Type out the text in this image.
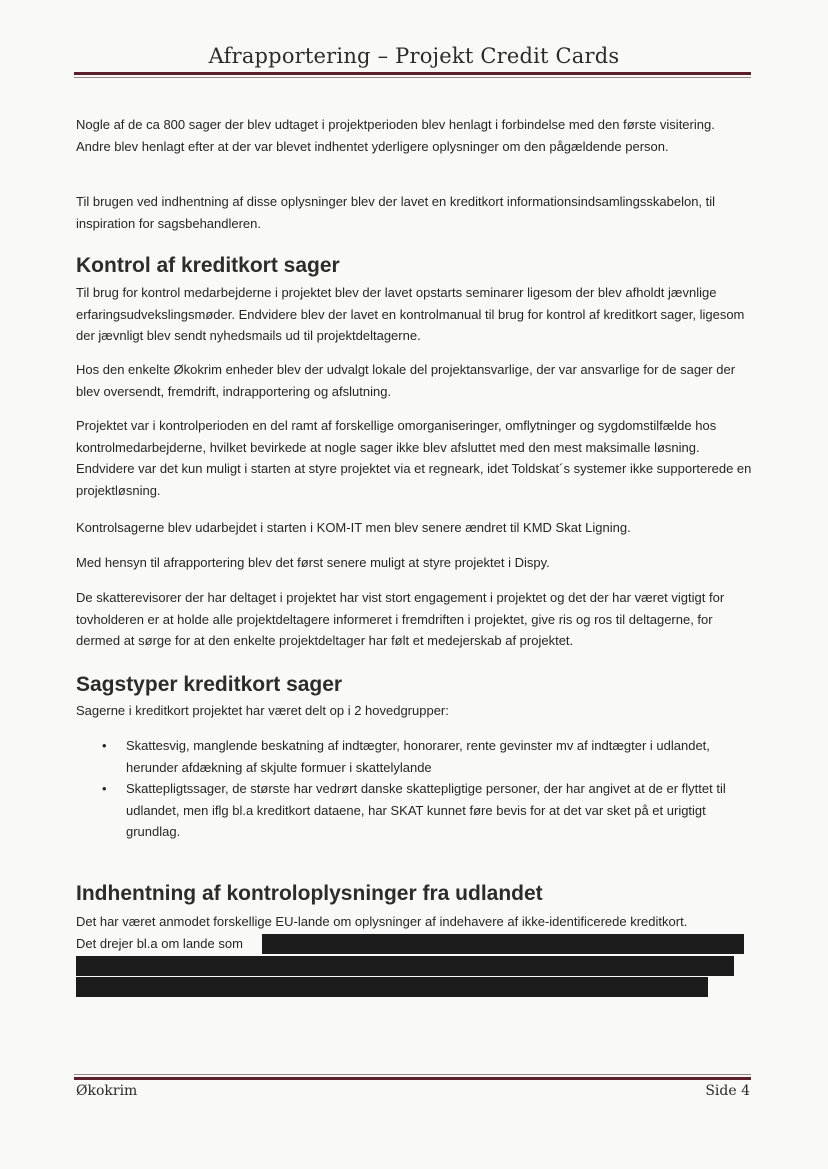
Afrapportering – Projekt Credit Cards

Nogle af de ca 800 sager der blev udtaget i projektperioden blev henlagt i forbindelse med den første visitering. Andre blev henlagt efter at der var blevet indhentet yderligere oplysninger om den pågældende person.

Til brugen ved indhentning af disse oplysninger blev der lavet en kreditkort informationsindsamlingsskabelon, til inspiration for sagsbehandleren.

Kontrol af kreditkort sager

Til brug for kontrol medarbejderne i projektet blev der lavet opstarts seminarer ligesom der blev afholdt jævnlige erfaringsudvekslingsmøder. Endvidere blev der lavet en kontrolmanual til brug for kontrol af kreditkort sager, ligesom der jævnligt blev sendt nyhedsmails ud til projektdeltagerne.

Hos den enkelte Økokrim enheder blev der udvalgt lokale del projektansvarlige, der var ansvarlige for de sager der blev oversendt, fremdrift, indrapportering og afslutning.

Projektet var i kontrolperioden en del ramt af forskellige omorganiseringer, omflytninger og sygdomstilfælde hos kontrolmedarbejderne, hvilket bevirkede at nogle sager ikke blev afsluttet med den mest maksimalle løsning. Endvidere var det kun muligt i starten at styre projektet via et regneark, idet Toldskat´s systemer ikke supporterede en projektløsning.

Kontrolsagerne blev udarbejdet i starten i KOM-IT men blev senere ændret til KMD Skat Ligning.

Med hensyn til afrapportering blev det først senere muligt at styre projektet i Dispy.

De skatterevisorer der har deltaget i projektet har vist stort engagement i projektet og det der har været vigtigt for tovholderen er at holde alle projektdeltagere informeret i fremdriften i projektet, give ris og ros til deltagerne, for dermed at sørge for at den enkelte projektdeltager har følt et medejerskab af projektet.

Sagstyper kreditkort sager

Sagerne i kreditkort projektet har været delt op i 2 hovedgrupper:

• Skattesvig, manglende beskatning af indtægter, honorarer, rente gevinster mv af indtægter i udlandet, herunder afdækning af skjulte formuer i skattelylande
• Skattepligtssager, de største har vedrørt danske skattepligtige personer, der har angivet at de er flyttet til udlandet, men iflg bl.a kreditkort dataene, har SKAT kunnet føre bevis for at det var sket på et urigtigt grundlag.
Indhentning af kontroloplysninger fra udlandet

Det har været anmodet forskellige EU-lande om oplysninger af indehavere af ikke-identificerede kreditkort.

Det drejer bl.a om lande som

Økokrim	Side 4
